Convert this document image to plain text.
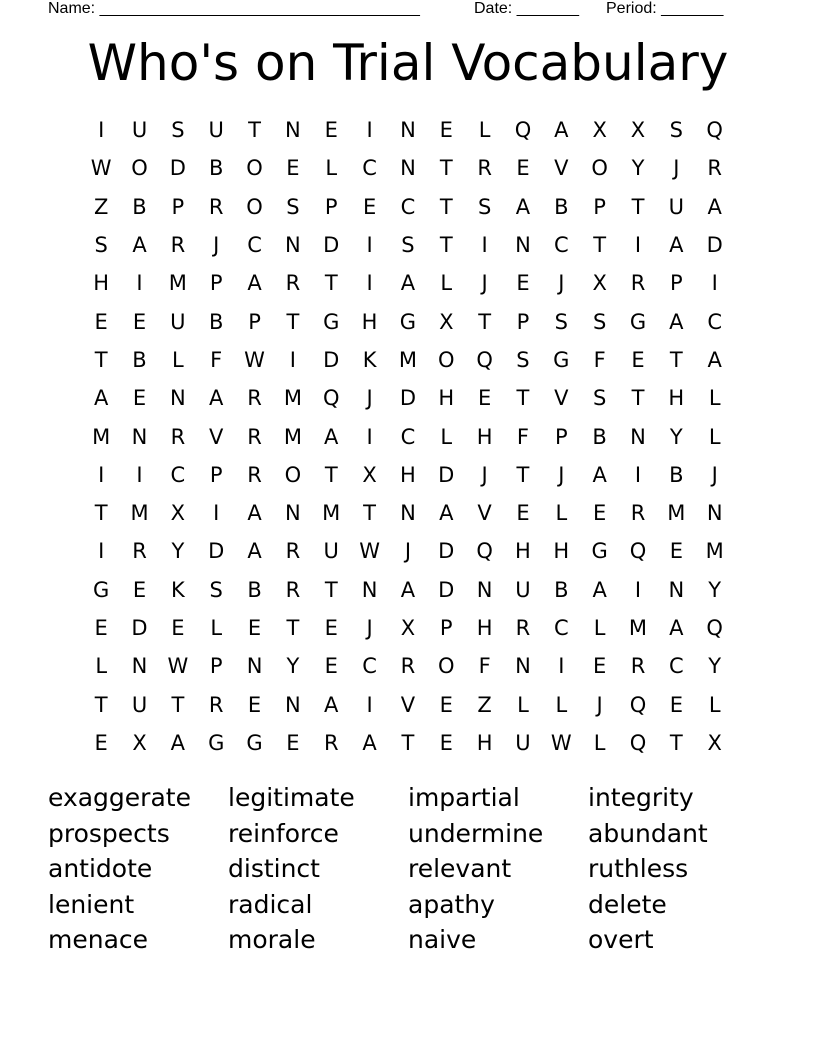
Name: ____________________________________	Date: _______ Period: _______
Who's on Trial Vocabulary
I	U	S	U	T	N	E	I	N	E	L	Q	A	X	X	S	Q
W O	D	B	O	E	L	C	N	T	R	E	V	O	Y	J	R
Z	B	P	R	O	S	P	E	C	T	S	A	B	P	T	U	A
S	A	R	J	C	N	D	I	S	T	I	N	C	T	I	A	D
H	I	M	P	A	R	T	I	A	L	J	E	J	X	R	P	I
E	E	U	B	P	T	G	H	G	X	T	P	S	S	G	A	C
T	B	L	F	W	I	D	K	M	O	Q	S	G	F	E	T	A
A	E	N	A	R	M	Q	J	D	H	E	T	V	S	T	H	L
M	N	R	V	R	M	A	I	C	L	H	F	P	B	N	Y	L
I	I	C	P	R	O	T	X	H	D	J	T	J	A	I	B	J
T	M	X	I	A	N	M	T	N	A	V	E	L	E	R	M	N
I	R	Y	D	A	R	U W	J	D	Q	H	H	G	Q	E	M
G	E	K	S	B	R	T	N	A	D	N	U	B	A	I	N	Y
E	D	E	L	E	T	E	J	X	P	H	R	C	L	M	A	Q
L	N W	P	N	Y	E	C	R	O	F	N	I	E	R	C	Y
T	U	T	R	E	N	A	I	V	E	Z	L	L	J	Q	E	L
E	X	A	G	G	E	R	A	T	E	H	U W	L	Q	T	X
exaggerate	legitimate	impartial	integrity
prospects	reinforce	undermine	abundant
antidote	distinct	relevant	ruthless
lenient	radical	apathy	delete
menace	morale	naive	overt
